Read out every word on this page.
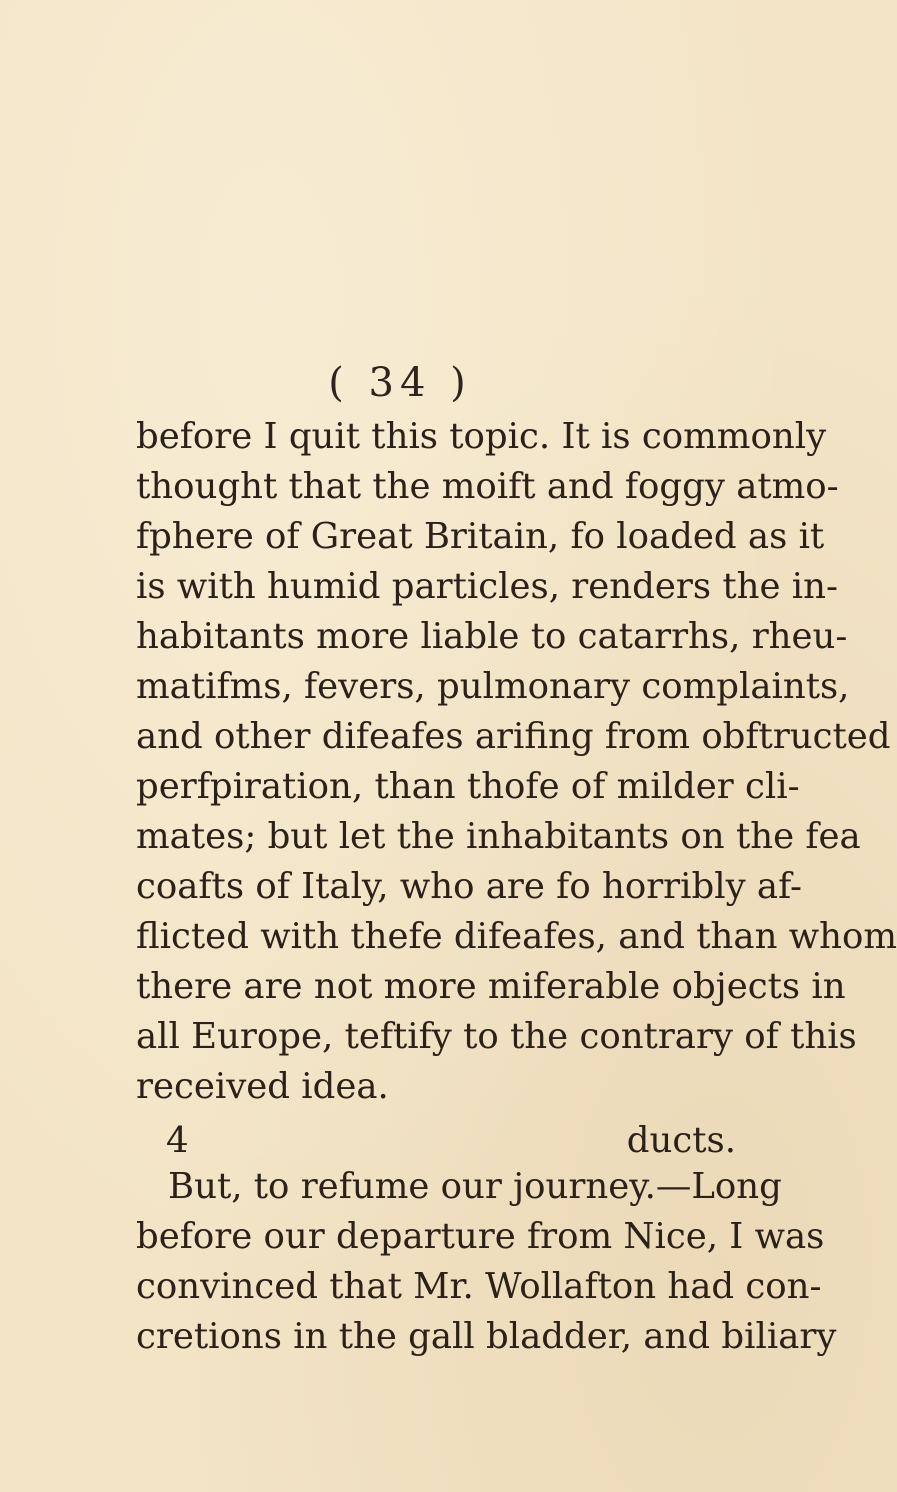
( 34 )
before I quit this topic. It is commonly
thought that the moift and foggy atmo-
fphere of Great Britain, fo loaded as it
is with humid particles, renders the in-
habitants more liable to catarrhs, rheu-
matifms, fevers, pulmonary complaints,
and other difeafes arifing from obftructed
perfpiration, than thofe of milder cli-
mates; but let the inhabitants on the fea
coafts of Italy, who are fo horribly af-
flicted with thefe difeafes, and than whom
there are not more miferable objects in
all Europe, teftify to the contrary of this
received idea.
But, to refume our journey.—Long
before our departure from Nice, I was
convinced that Mr. Wollafton had con-
cretions in the gall bladder, and biliary
4	ducts.
